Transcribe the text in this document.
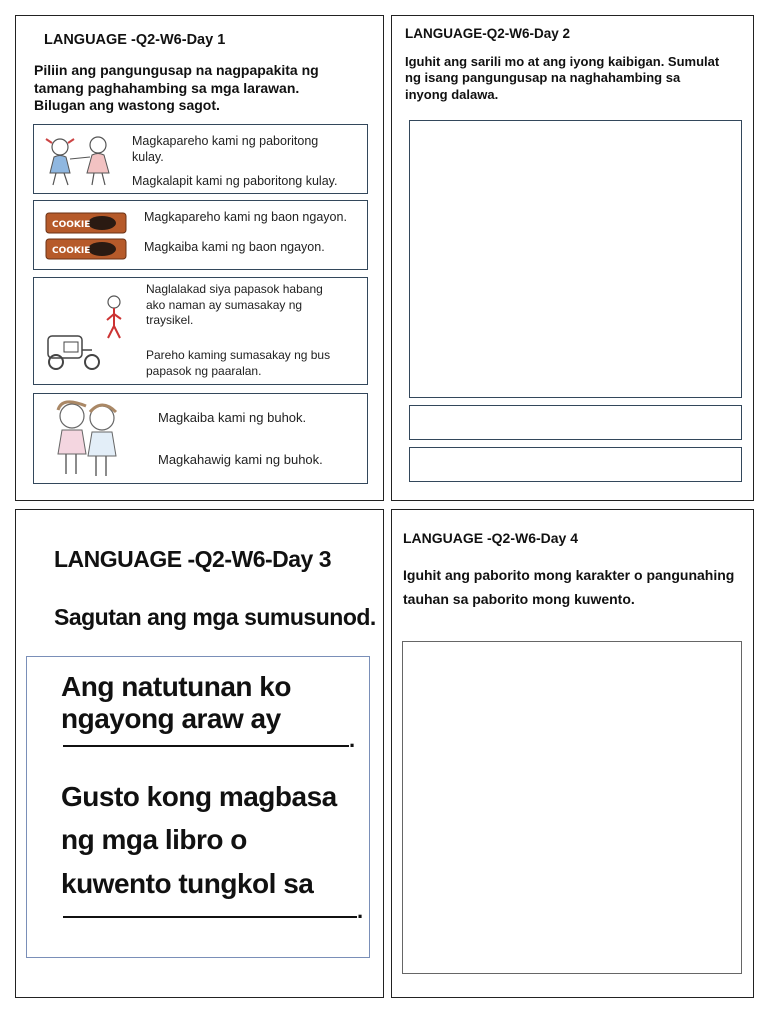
LANGUAGE -Q2-W6-Day 1
Piliin ang pangungusap na nagpapakita ng
tamang paghahambing sa mga larawan.
Bilugan ang wastong sagot.
Magkapareho kami ng paboritong
kulay.
Magkalapit kami ng paboritong kulay.
COOKIE
COOKIE
Magkapareho kami ng baon ngayon.
Magkaiba kami ng baon ngayon.
Naglalakad siya papasok habang
ako naman ay sumasakay ng
traysikel.
Pareho kaming sumasakay ng bus
papasok ng paaralan.
Magkaiba kami ng buhok.
Magkahawig kami ng buhok.
LANGUAGE-Q2-W6-Day 2
Iguhit ang sarili mo at ang iyong kaibigan. Sumulat
ng isang pangungusap na naghahambing sa
inyong dalawa.
LANGUAGE -Q2-W6-Day 3
Sagutan ang mga sumusunod.
Ang natutunan ko ngayong araw ay
.
Gusto kong magbasa ng mga libro o
kuwento tungkol sa
.
LANGUAGE -Q2-W6-Day 4
Iguhit ang paborito mong karakter o pangunahing
tauhan sa paborito mong kuwento.
